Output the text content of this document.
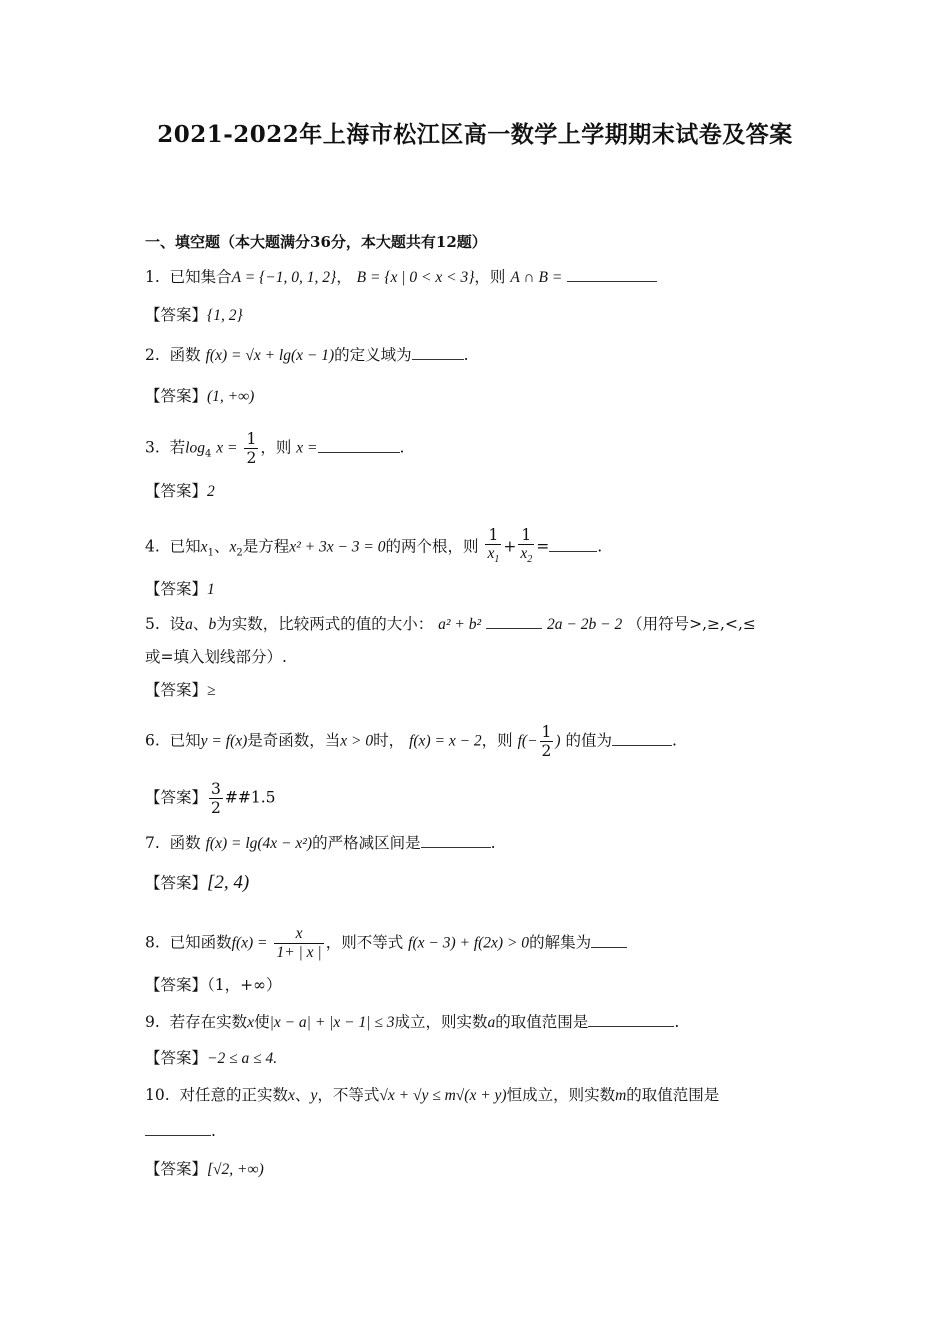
2021-2022年上海市松江区高一数学上学期期末试卷及答案
一、填空题（本大题满分36分，本大题共有12题）
1. 已知集合A = {−1, 0, 1, 2}， B = {x | 0 < x < 3}，则 A ∩ B =
【答案】{1, 2}
2. 函数 f(x) = √x + lg(x − 1)的定义域为	.
【答案】(1, +∞)
3. 若$\log_4 x = \frac{1}{2}$ ，则 x =	.
【答案】2
4. 已知$x_1$、$x_2$是方程x² + 3x − 3 = 0的两个根，则 $\frac{1}{x_1} + \frac{1}{x_2}$ =	.
【答案】1
5. 设a、b为实数，比较两式的值的大小： a² + b²	2a − 2b − 2 （用符号>,≥,<,≤
或=填入划线部分）.
【答案】≥
6. 已知y = f(x)是奇函数，当x > 0时， f(x) = x − 2，则 $f(- \frac{1}{2}$ ) 的值为	.
【答案】 $\frac{3}{2}$ ##1.5
7. 函数 f(x) = lg(4x − x²)的严格减区间是	.
【答案】[2, 4)
8. 已知函数$f(x) = \frac{x}{1+ | x |}$ ，则不等式 f(x − 3) + f(2x) > 0的解集为
【答案】（1，+∞）
9. 若存在实数x使|x − a| + |x − 1| ≤ 3成立，则实数a的取值范围是	.
【答案】−2 ≤ a ≤ 4.
10. 对任意的正实数x、y，不等式√x + √y ≤ m√(x + y)恒成立，则实数m的取值范围是
.
【答案】[√2, +∞)
